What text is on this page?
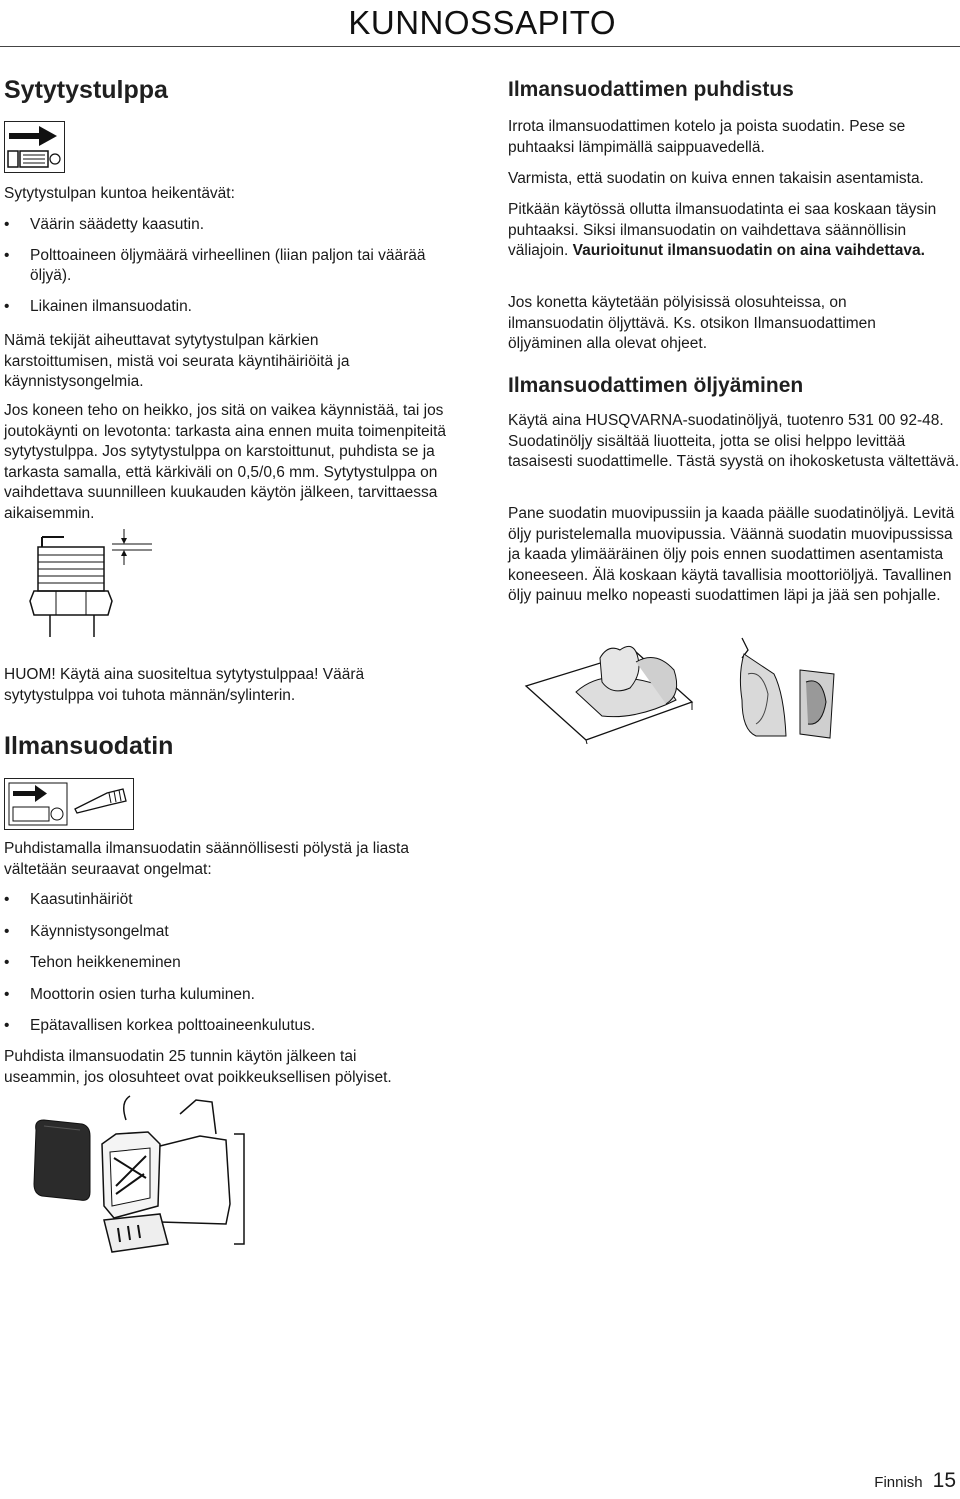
KUNNOSSAPITO
Sytytystulppa

Sytytystulpan kuntoa heikentävät:

• Väärin säädetty kaasutin.
• Polttoaineen öljymäärä virheellinen (liian paljon tai väärää öljyä).
• Likainen ilmansuodatin.

Nämä tekijät aiheuttavat sytytystulpan kärkien karstoittumisen, mistä voi seurata käyntihäiriöitä ja käynnistysongelmia.

Jos koneen teho on heikko, jos sitä on vaikea käynnistää, tai jos joutokäynti on levotonta: tarkasta aina ennen muita toimenpiteitä sytytystulppa. Jos sytytystulppa on karstoittunut, puhdista se ja tarkasta samalla, että kärkiväli on 0,5/0,6 mm. Sytytystulppa on vaihdettava suunnilleen kuukauden käytön jälkeen, tarvittaessa aikaisemmin.

HUOM! Käytä aina suositeltua sytytystulppaa! Väärä sytytystulppa voi tuhota männän/sylinterin.

Ilmansuodatin

Puhdistamalla ilmansuodatin säännöllisesti pölystä ja liasta vältetään seuraavat ongelmat:

• Kaasutinhäiriöt
• Käynnistysongelmat
• Tehon heikkeneminen
• Moottorin osien turha kuluminen.
• Epätavallisen korkea polttoaineenkulutus.

Puhdista ilmansuodatin 25 tunnin käytön jälkeen tai useammin, jos olosuhteet ovat poikkeuksellisen pölyiset.

Ilmansuodattimen puhdistus

Irrota ilmansuodattimen kotelo ja poista suodatin. Pese se puhtaaksi lämpimällä saippuavedellä.

Varmista, että suodatin on kuiva ennen takaisin asentamista.

Pitkään käytössä ollutta ilmansuodatinta ei saa koskaan täysin puhtaaksi. Siksi ilmansuodatin on vaihdettava säännöllisin väliajoin. Vaurioitunut ilmansuodatin on aina vaihdettava.

Jos konetta käytetään pölyisissä olosuhteissa, on ilmansuodatin öljyttävä. Ks. otsikon Ilmansuodattimen öljyäminen alla olevat ohjeet.

Ilmansuodattimen öljyäminen

Käytä aina HUSQVARNA-suodatinöljyä, tuotenro 531 00 92-48. Suodatinöljy sisältää liuotteita, jotta se olisi helppo levittää tasaisesti suodattimelle. Tästä syystä on ihokosketusta vältettävä.

Pane suodatin muovipussiin ja kaada päälle suodatinöljyä. Levitä öljy puristelemalla muovipussia. Väännä suodatin muovipussissa ja kaada ylimääräinen öljy pois ennen suodattimen asentamista koneeseen. Älä koskaan käytä tavallisia moottoriöljyä. Tavallinen öljy painuu melko nopeasti suodattimen läpi ja jää sen pohjalle.

Finnish 15
